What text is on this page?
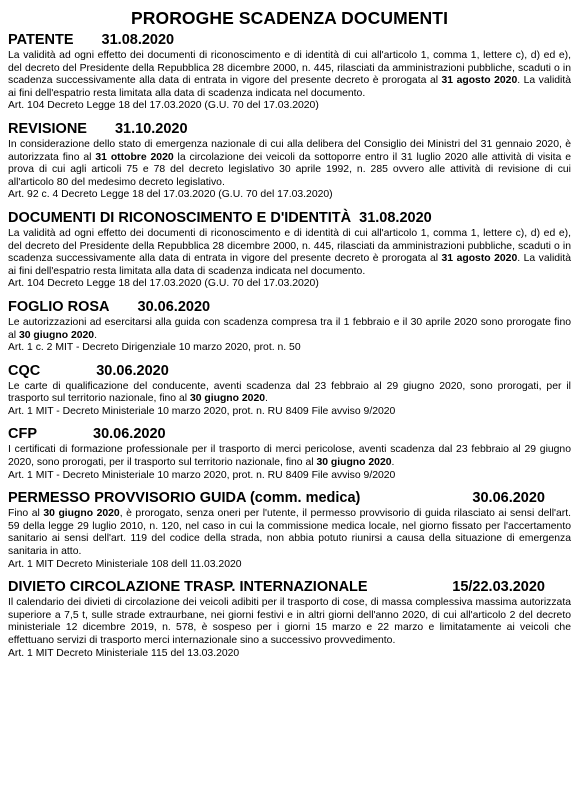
PROROGHE SCADENZA DOCUMENTI
PATENTE 31.08.2020

La validità ad ogni effetto dei documenti di riconoscimento e di identità di cui all'articolo 1, comma 1, lettere c), d) ed e), del decreto del Presidente della Repubblica 28 dicembre 2000, n. 445, rilasciati da amministrazioni pubbliche, scaduti o in scadenza successivamente alla data di entrata in vigore del presente decreto è prorogata al 31 agosto 2020. La validità ai fini dell'espatrio resta limitata alla data di scadenza indicata nel documento.

Art. 104 Decreto Legge 18 del 17.03.2020 (G.U. 70 del 17.03.2020)

REVISIONE 31.10.2020

In considerazione dello stato di emergenza nazionale di cui alla delibera del Consiglio dei Ministri del 31 gennaio 2020, è autorizzata fino al 31 ottobre 2020 la circolazione dei veicoli da sottoporre entro il 31 luglio 2020 alle attività di visita e prova di cui agli articoli 75 e 78 del decreto legislativo 30 aprile 1992, n. 285 ovvero alle attività di revisione di cui all'articolo 80 del medesimo decreto legislativo.

Art. 92 c. 4 Decreto Legge 18 del 17.03.2020 (G.U. 70 del 17.03.2020)

DOCUMENTI DI RICONOSCIMENTO E D'IDENTITÀ 31.08.2020

La validità ad ogni effetto dei documenti di riconoscimento e di identità di cui all'articolo 1, comma 1, lettere c), d) ed e), del decreto del Presidente della Repubblica 28 dicembre 2000, n. 445, rilasciati da amministrazioni pubbliche, scaduti o in scadenza successivamente alla data di entrata in vigore del presente decreto è prorogata al 31 agosto 2020. La validità ai fini dell'espatrio resta limitata alla data di scadenza indicata nel documento.

Art. 104 Decreto Legge 18 del 17.03.2020 (G.U. 70 del 17.03.2020)

FOGLIO ROSA 30.06.2020

Le autorizzazioni ad esercitarsi alla guida con scadenza compresa tra il 1 febbraio e il 30 aprile 2020 sono prorogate fino al 30 giugno 2020.

Art. 1 c. 2 MIT - Decreto Dirigenziale 10 marzo 2020, prot. n. 50

CQC	30.06.2020

Le carte di qualificazione del conducente, aventi scadenza dal 23 febbraio al 29 giugno 2020, sono prorogati, per il trasporto sul territorio nazionale, fino al 30 giugno 2020.

Art. 1 MIT - Decreto Ministeriale 10 marzo 2020, prot. n. RU 8409 File avviso 9/2020

CFP	30.06.2020

I certificati di formazione professionale per il trasporto di merci pericolose, aventi scadenza dal 23 febbraio al 29 giugno 2020, sono prorogati, per il trasporto sul territorio nazionale, fino al 30 giugno 2020.

Art. 1 MIT - Decreto Ministeriale 10 marzo 2020, prot. n. RU 8409 File avviso 9/2020

PERMESSO PROVVISORIO GUIDA (comm. medica)	30.06.2020

Fino al 30 giugno 2020, è prorogato, senza oneri per l'utente, il permesso provvisorio di guida rilasciato ai sensi dell'art. 59 della legge 29 luglio 2010, n. 120, nel caso in cui la commissione medica locale, nel giorno fissato per l'accertamento sanitario ai sensi dell'art. 119 del codice della strada, non abbia potuto riunirsi a causa della situazione di emergenza sanitaria in atto.

Art. 1 MIT Decreto Ministeriale 108 dell 11.03.2020

DIVIETO CIRCOLAZIONE TRASP. INTERNAZIONALE	15/22.03.2020

Il calendario dei divieti di circolazione dei veicoli adibiti per il trasporto di cose, di massa complessiva massima autorizzata superiore a 7,5 t, sulle strade extraurbane, nei giorni festivi e in altri giorni dell'anno 2020, di cui all'articolo 2 del decreto ministeriale 12 dicembre 2019, n. 578, è sospeso per i giorni 15 marzo e 22 marzo e limitatamente ai veicoli che effettuano servizi di trasporto merci internazionale sino a successivo provvedimento.

Art. 1 MIT Decreto Ministeriale 115 del 13.03.2020
